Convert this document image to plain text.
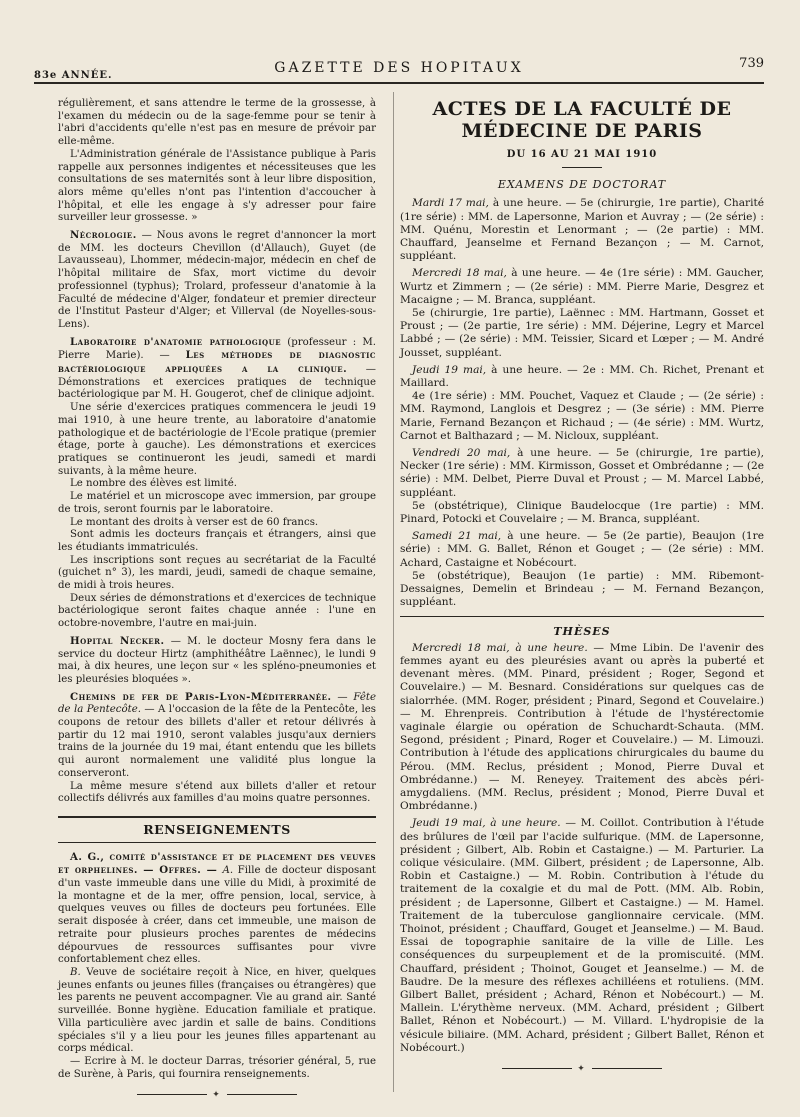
83e ANNÉE.	GAZETTE DES HOPITAUX	739

régulièrement, et sans attendre le terme de la grossesse, à l'examen du médecin ou de la sage-femme pour se tenir à l'abri d'accidents qu'elle n'est pas en mesure de prévoir par elle-même.

L'Administration générale de l'Assistance publique à Paris rappelle aux personnes indigentes et nécessiteuses que les consultations de ses maternités sont à leur libre disposition, alors même qu'elles n'ont pas l'intention d'accoucher à l'hôpital, et elle les engage à s'y adresser pour faire surveiller leur grossesse. »

Nécrologie. — Nous avons le regret d'annoncer la mort de MM. les docteurs Chevillon (d'Allauch), Guyet (de Lavausseau), Lhommer, médecin-major, médecin en chef de l'hôpital militaire de Sfax, mort victime du devoir professionnel (typhus); Trolard, professeur d'anatomie à la Faculté de médecine d'Alger, fondateur et premier directeur de l'Institut Pasteur d'Alger; et Villerval (de Noyelles-sous-Lens).

Laboratoire d'anatomie pathologique (professeur : M. Pierre Marie). — Les méthodes de diagnostic bactériologique appliquées a la clinique. — Démonstrations et exercices pratiques de technique bactériologique par M. H. Gougerot, chef de clinique adjoint.

Une série d'exercices pratiques commencera le jeudi 19 mai 1910, à une heure trente, au laboratoire d'anatomie pathologique et de bactériologie de l'Ecole pratique (premier étage, porte à gauche). Les démonstrations et exercices pratiques se continueront les jeudi, samedi et mardi suivants, à la même heure.

Le nombre des élèves est limité.

Le matériel et un microscope avec immersion, par groupe de trois, seront fournis par le laboratoire.

Le montant des droits à verser est de 60 francs.

Sont admis les docteurs français et étrangers, ainsi que les étudiants immatriculés.

Les inscriptions sont reçues au secrétariat de la Faculté (guichet n° 3), les mardi, jeudi, samedi de chaque semaine, de midi à trois heures.

Deux séries de démonstrations et d'exercices de technique bactériologique seront faites chaque année : l'une en octobre-novembre, l'autre en mai-juin.

Hopital Necker. — M. le docteur Mosny fera dans le service du docteur Hirtz (amphithéâtre Laënnec), le lundi 9 mai, à dix heures, une leçon sur « les spléno-pneumonies et les pleurésies bloquées ».

Chemins de fer de Paris-Lyon-Méditerranée. — Fête de la Pentecôte. — A l'occasion de la fête de la Pentecôte, les coupons de retour des billets d'aller et retour délivrés à partir du 12 mai 1910, seront valables jusqu'aux derniers trains de la journée du 19 mai, étant entendu que les billets qui auront normalement une validité plus longue la conserveront.

La même mesure s'étend aux billets d'aller et retour collectifs délivrés aux familles d'au moins quatre personnes.

RENSEIGNEMENTS

A. G., comité d'assistance et de placement des veuves et orphelines. — Offres. — A. Fille de docteur disposant d'un vaste immeuble dans une ville du Midi, à proximité de la montagne et de la mer, offre pension, local, service, à quelques veuves ou filles de docteurs peu fortunées. Elle serait disposée à créer, dans cet immeuble, une maison de retraite pour plusieurs proches parentes de médecins dépourvues de ressources suffisantes pour vivre confortablement chez elles.

B. Veuve de sociétaire reçoit à Nice, en hiver, quelques jeunes enfants ou jeunes filles (françaises ou étrangères) que les parents ne peuvent accompagner. Vie au grand air. Santé surveillée. Bonne hygiène. Education familiale et pratique. Villa particulière avec jardin et salle de bains. Conditions spéciales s'il y a lieu pour les jeunes filles appartenant au corps médical.

— Ecrire à M. le docteur Darras, trésorier général, 5, rue de Surène, à Paris, qui fournira renseignements.

✦

ACTES DE LA FACULTÉ DE MÉDECINE DE PARIS

DU 16 AU 21 MAI 1910

EXAMENS DE DOCTORAT

Mardi 17 mai, à une heure. — 5e (chirurgie, 1re partie), Charité (1re série) : MM. de Lapersonne, Marion et Auvray ; — (2e série) : MM. Quénu, Morestin et Lenormant ; — (2e partie) : MM. Chauffard, Jeanselme et Fernand Bezançon ; — M. Carnot, suppléant.

Mercredi 18 mai, à une heure. — 4e (1re série) : MM. Gaucher, Wurtz et Zimmern ; — (2e série) : MM. Pierre Marie, Desgrez et Macaigne ; — M. Branca, suppléant.

5e (chirurgie, 1re partie), Laënnec : MM. Hartmann, Gosset et Proust ; — (2e partie, 1re série) : MM. Déjerine, Legry et Marcel Labbé ; — (2e série) : MM. Teissier, Sicard et Lœper ; — M. André Jousset, suppléant.

Jeudi 19 mai, à une heure. — 2e : MM. Ch. Richet, Prenant et Maillard.

4e (1re série) : MM. Pouchet, Vaquez et Claude ; — (2e série) : MM. Raymond, Langlois et Desgrez ; — (3e série) : MM. Pierre Marie, Fernand Bezançon et Richaud ; — (4e série) : MM. Wurtz, Carnot et Balthazard ; — M. Nicloux, suppléant.

Vendredi 20 mai, à une heure. — 5e (chirurgie, 1re partie), Necker (1re série) : MM. Kirmisson, Gosset et Ombrédanne ; — (2e série) : MM. Delbet, Pierre Duval et Proust ; — M. Marcel Labbé, suppléant.

5e (obstétrique), Clinique Baudelocque (1re partie) : MM. Pinard, Potocki et Couvelaire ; — M. Branca, suppléant.

Samedi 21 mai, à une heure. — 5e (2e partie), Beaujon (1re série) : MM. G. Ballet, Rénon et Gouget ; — (2e série) : MM. Achard, Castaigne et Nobécourt.

5e (obstétrique), Beaujon (1e partie) : MM. Ribemont-Dessaignes, Demelin et Brindeau ; — M. Fernand Bezançon, suppléant.

THÈSES

Mercredi 18 mai, à une heure. — Mme Libin. De l'avenir des femmes ayant eu des pleurésies avant ou après la puberté et devenant mères. (MM. Pinard, président ; Roger, Segond et Couvelaire.) — M. Besnard. Considérations sur quelques cas de sialorrhée. (MM. Roger, président ; Pinard, Segond et Couvelaire.) — M. Ehrenpreis. Contribution à l'étude de l'hystérectomie vaginale élargie ou opération de Schuchardt-Schauta. (MM. Segond, président ; Pinard, Roger et Couvelaire.) — M. Limouzi. Contribution à l'étude des applications chirurgicales du baume du Pérou. (MM. Reclus, président ; Monod, Pierre Duval et Ombrédanne.) — M. Reneyey. Traitement des abcès péri-amygdaliens. (MM. Reclus, président ; Monod, Pierre Duval et Ombrédanne.)

Jeudi 19 mai, à une heure. — M. Coillot. Contribution à l'étude des brûlures de l'œil par l'acide sulfurique. (MM. de Lapersonne, président ; Gilbert, Alb. Robin et Castaigne.) — M. Parturier. La colique vésiculaire. (MM. Gilbert, président ; de Lapersonne, Alb. Robin et Castaigne.) — M. Robin. Contribution à l'étude du traitement de la coxalgie et du mal de Pott. (MM. Alb. Robin, président ; de Lapersonne, Gilbert et Castaigne.) — M. Hamel. Traitement de la tuberculose ganglionnaire cervicale. (MM. Thoinot, président ; Chauffard, Gouget et Jeanselme.) — M. Baud. Essai de topographie sanitaire de la ville de Lille. Les conséquences du surpeuplement et de la promiscuité. (MM. Chauffard, président ; Thoinot, Gouget et Jeanselme.) — M. de Baudre. De la mesure des réflexes achilléens et rotuliens. (MM. Gilbert Ballet, président ; Achard, Rénon et Nobécourt.) — M. Mallein. L'érythème nerveux. (MM. Achard, président ; Gilbert Ballet, Rénon et Nobécourt.) — M. Villard. L'hydropisie de la vésicule biliaire. (MM. Achard, président ; Gilbert Ballet, Rénon et Nobécourt.)

✦
